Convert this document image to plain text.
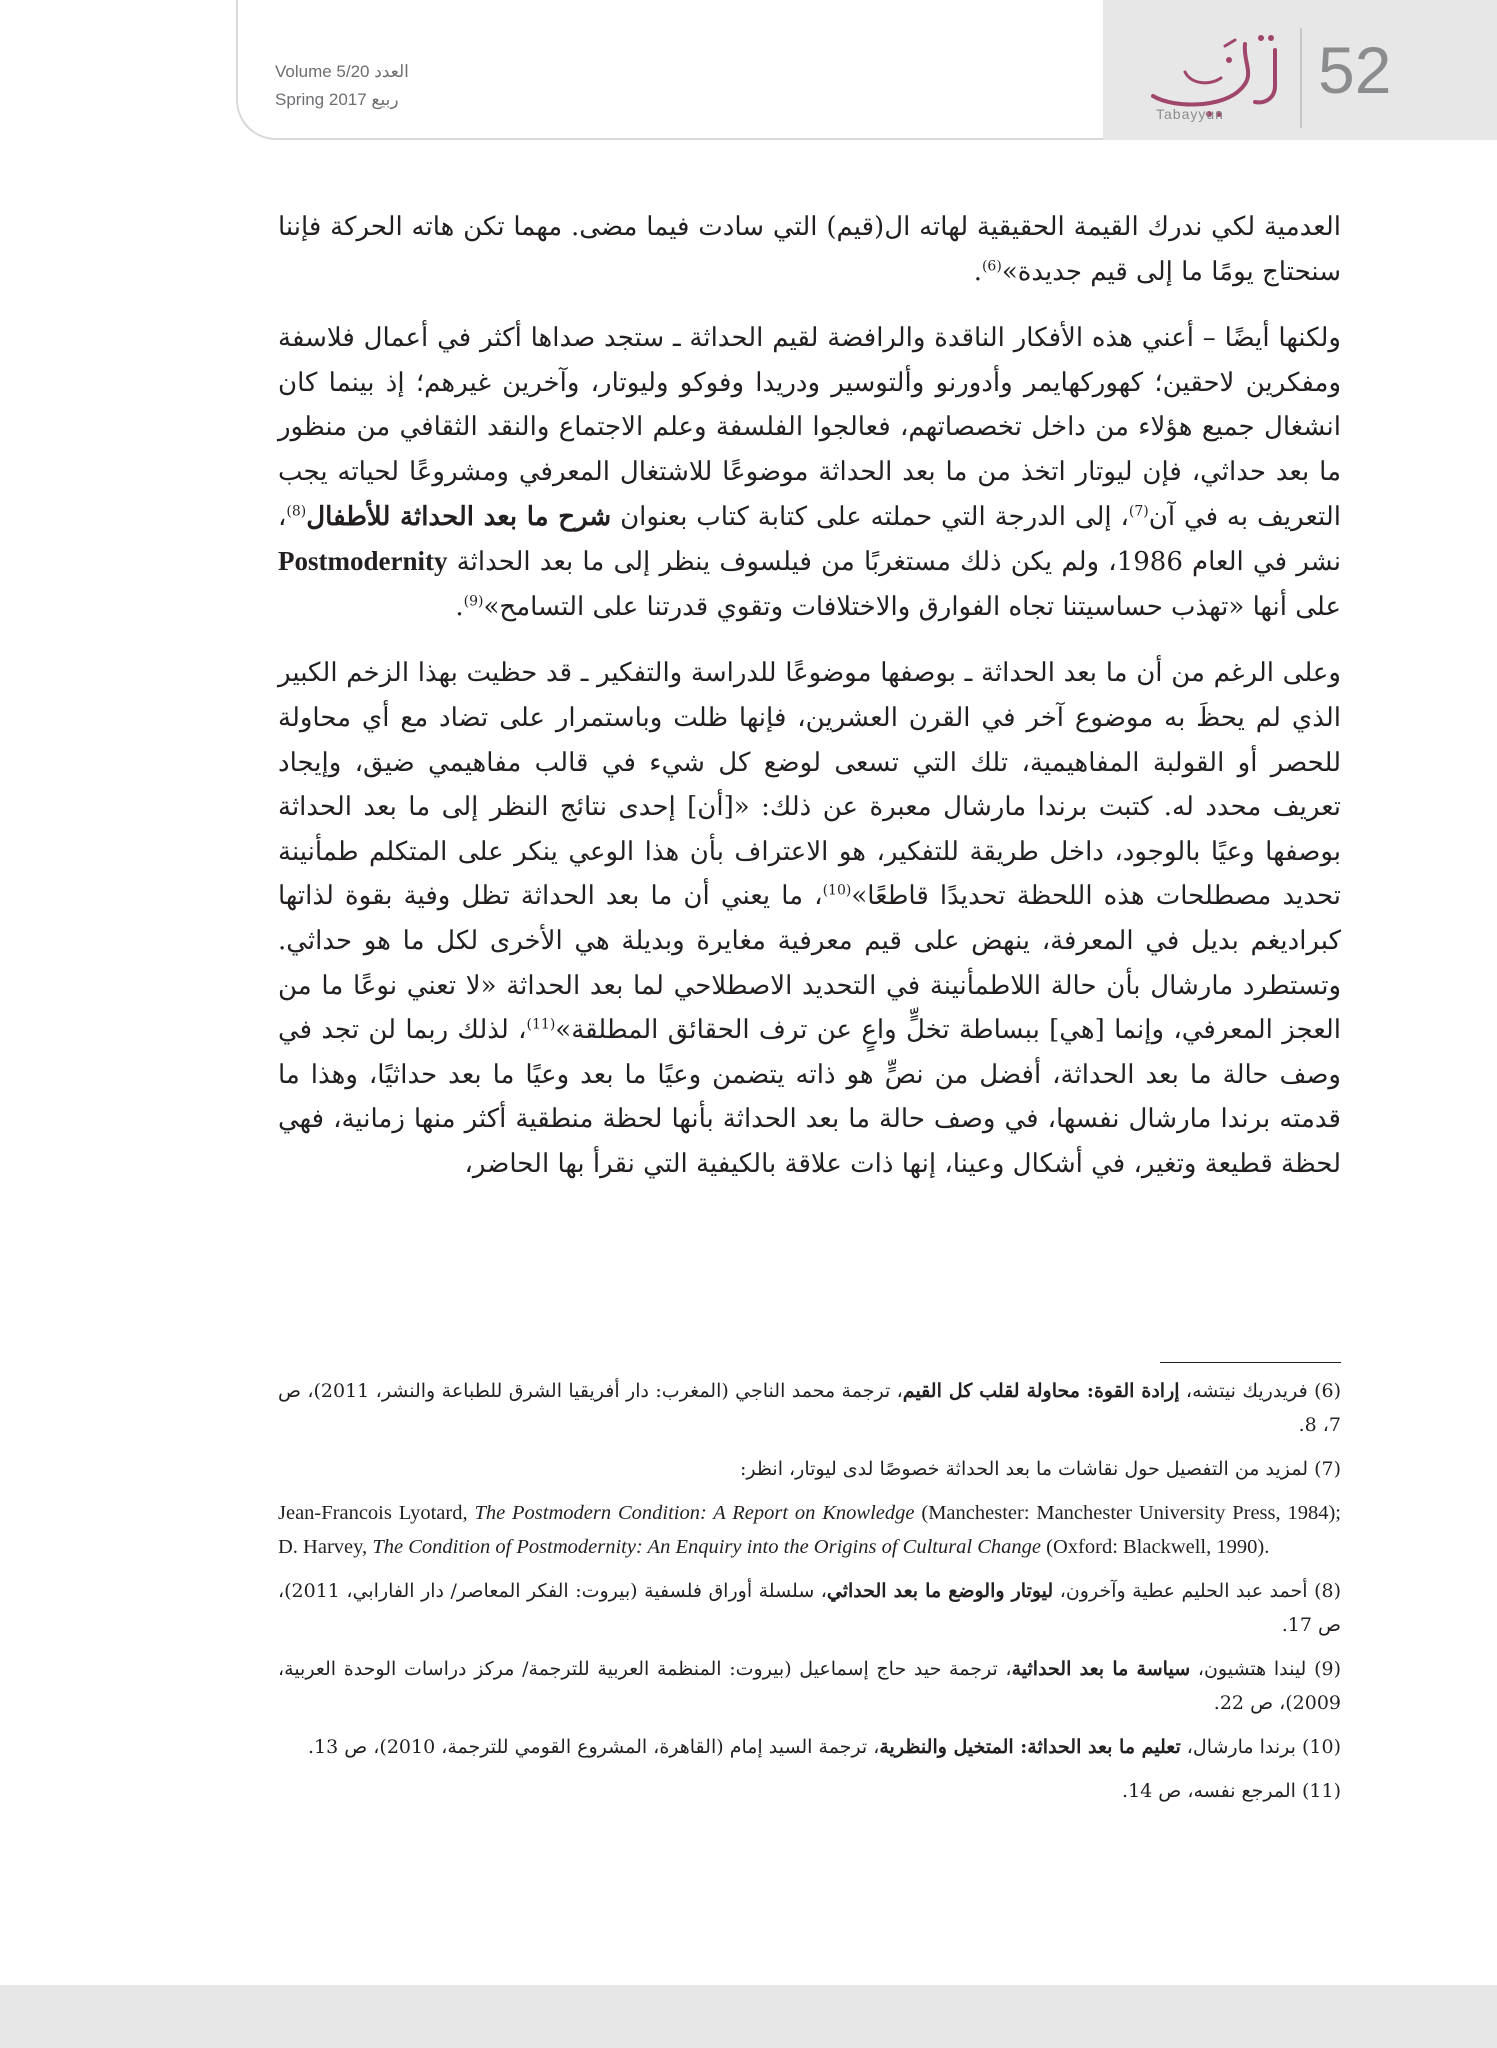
Volume 5/20 العدد
Spring 2017 ربيع
Tabayyun
52

العدمية لكي ندرك القيمة الحقيقية لهاته ال(قيم) التي سادت فيما مضى. مهما تكن هاته الحركة فإننا سنحتاج يومًا ما إلى قيم جديدة»$^{(6)}$.

ولكنها أيضًا – أعني هذه الأفكار الناقدة والرافضة لقيم الحداثة ـ ستجد صداها أكثر في أعمال فلاسفة ومفكرين لاحقين؛ كهوركهايمر وأدورنو وألتوسير ودريدا وفوكو وليوتار، وآخرين غيرهم؛ إذ بينما كان انشغال جميع هؤلاء من داخل تخصصاتهم، فعالجوا الفلسفة وعلم الاجتماع والنقد الثقافي من منظور ما بعد حداثي، فإن ليوتار اتخذ من ما بعد الحداثة موضوعًا للاشتغال المعرفي ومشروعًا لحياته يجب التعريف به في آن$^{(7)}$، إلى الدرجة التي حملته على كتابة كتاب بعنوان شرح ما بعد الحداثة للأطفال$^{(8)}$، نشر في العام 1986، ولم يكن ذلك مستغربًا من فيلسوف ينظر إلى ما بعد الحداثة Postmodernity على أنها «تهذب حساسيتنا تجاه الفوارق والاختلافات وتقوي قدرتنا على التسامح»$^{(9)}$.

وعلى الرغم من أن ما بعد الحداثة ـ بوصفها موضوعًا للدراسة والتفكير ـ قد حظيت بهذا الزخم الكبير الذي لم يحظَ به موضوع آخر في القرن العشرين، فإنها ظلت وباستمرار على تضاد مع أي محاولة للحصر أو القولبة المفاهيمية، تلك التي تسعى لوضع كل شيء في قالب مفاهيمي ضيق، وإيجاد تعريف محدد له. كتبت برندا مارشال معبرة عن ذلك: «[أن] إحدى نتائج النظر إلى ما بعد الحداثة بوصفها وعيًا بالوجود، داخل طريقة للتفكير، هو الاعتراف بأن هذا الوعي ينكر على المتكلم طمأنينة تحديد مصطلحات هذه اللحظة تحديدًا قاطعًا»$^{(10)}$، ما يعني أن ما بعد الحداثة تظل وفية بقوة لذاتها كبراديغم بديل في المعرفة، ينهض على قيم معرفية مغايرة وبديلة هي الأخرى لكل ما هو حداثي. وتستطرد مارشال بأن حالة اللاطمأنينة في التحديد الاصطلاحي لما بعد الحداثة «لا تعني نوعًا ما من العجز المعرفي، وإنما [هي] ببساطة تخلٍّ واعٍ عن ترف الحقائق المطلقة»$^{(11)}$، لذلك ربما لن تجد في وصف حالة ما بعد الحداثة، أفضل من نصٍّ هو ذاته يتضمن وعيًا ما بعد وعيًا ما بعد حداثيًا، وهذا ما قدمته برندا مارشال نفسها، في وصف حالة ما بعد الحداثة بأنها لحظة منطقية أكثر منها زمانية، فهي لحظة قطيعة وتغير، في أشكال وعينا، إنها ذات علاقة بالكيفية التي نقرأ بها الحاضر،

(6) فريدريك نيتشه، إرادة القوة: محاولة لقلب كل القيم، ترجمة محمد الناجي (المغرب: دار أفريقيا الشرق للطباعة والنشر، 2011)، ص 7، 8.
(7) لمزيد من التفصيل حول نقاشات ما بعد الحداثة خصوصًا لدى ليوتار، انظر:
Jean-Francois Lyotard, The Postmodern Condition: A Report on Knowledge (Manchester: Manchester University Press, 1984); D. Harvey, The Condition of Postmodernity: An Enquiry into the Origins of Cultural Change (Oxford: Blackwell, 1990).
(8) أحمد عبد الحليم عطية وآخرون، ليوتار والوضع ما بعد الحداثي، سلسلة أوراق فلسفية (بيروت: الفكر المعاصر/ دار الفارابي، 2011)، ص 17.
(9) ليندا هتشيون، سياسة ما بعد الحداثية، ترجمة حيد حاج إسماعيل (بيروت: المنظمة العربية للترجمة/ مركز دراسات الوحدة العربية، 2009)، ص 22.
(10) برندا مارشال، تعليم ما بعد الحداثة: المتخيل والنظرية، ترجمة السيد إمام (القاهرة، المشروع القومي للترجمة، 2010)، ص 13.
(11) المرجع نفسه، ص 14.
